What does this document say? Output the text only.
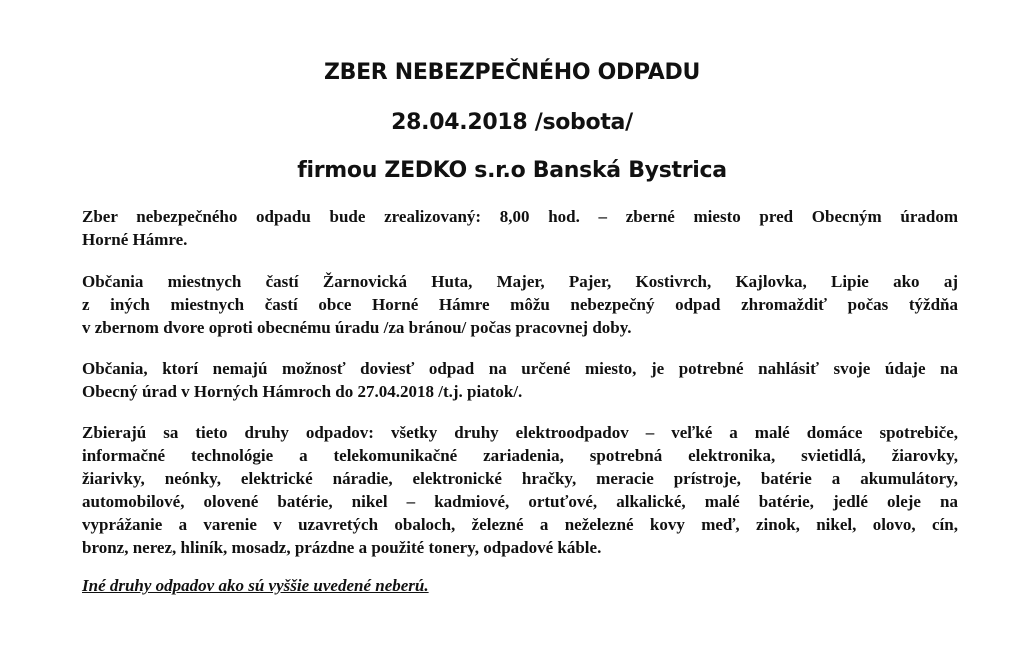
ZBER NEBEZPEČNÉHO ODPADU
28.04.2018 /sobota/
firmou ZEDKO s.r.o Banská Bystrica
Zber nebezpečného odpadu bude zrealizovaný: 8,00 hod. – zberné miesto pred Obecným úradom
Horné Hámre.
Občania miestnych častí Žarnovická Huta, Majer, Pajer, Kostivrch, Kajlovka, Lipie ako aj
z iných miestnych častí obce Horné Hámre môžu nebezpečný odpad zhromaždiť počas týždňa
v zbernom dvore oproti obecnému úradu /za bránou/ počas pracovnej doby.
Občania, ktorí nemajú možnosť doviesť odpad na určené miesto, je potrebné nahlásiť svoje údaje na
Obecný úrad v Horných Hámroch do 27.04.2018 /t.j. piatok/.
Zbierajú sa tieto druhy odpadov: všetky druhy elektroodpadov – veľké a malé domáce spotrebiče,
informačné technológie a telekomunikačné zariadenia, spotrebná elektronika, svietidlá, žiarovky,
žiarivky, neónky, elektrické náradie, elektronické hračky, meracie prístroje, batérie a akumulátory,
automobilové, olovené batérie, nikel – kadmiové, ortuťové, alkalické, malé batérie, jedlé oleje na
vyprážanie a varenie v uzavretých obaloch, železné a neželezné kovy meď, zinok, nikel, olovo, cín,
bronz, nerez, hliník, mosadz, prázdne a použité tonery, odpadové káble.
Iné druhy odpadov ako sú vyššie uvedené neberú.
